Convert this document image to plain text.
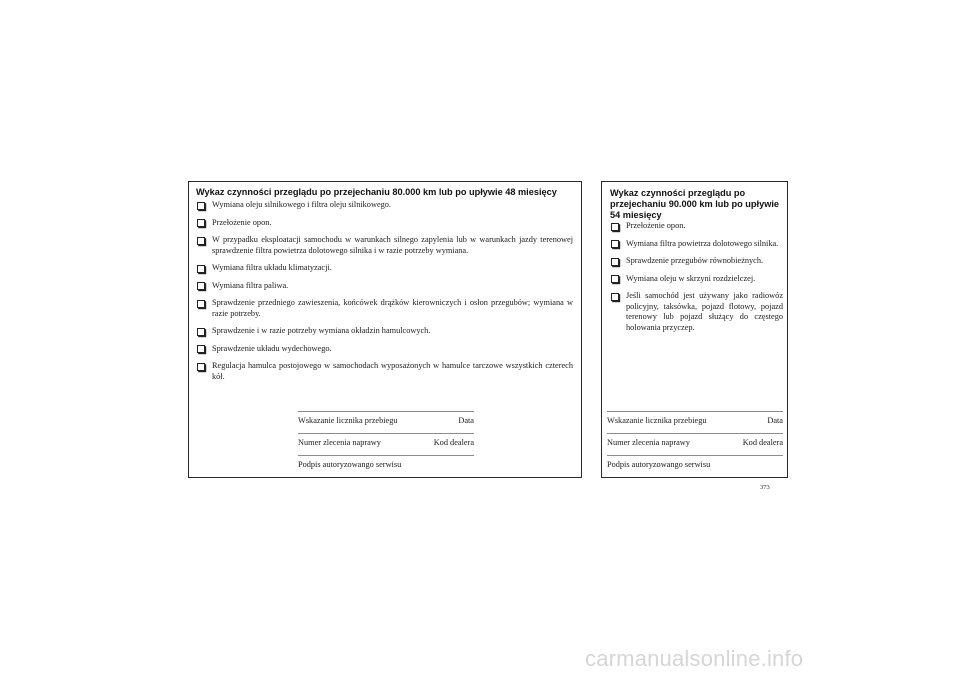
Wykaz czynności przeglądu po przejechaniu 80.000 km lub po upływie 48 miesięcy
Wymiana oleju silnikowego i filtra oleju silnikowego.
Przełożenie opon.
W przypadku eksploatacji samochodu w warunkach silnego zapylenia lub w warunkach jazdy terenowej sprawdzenie filtra powietrza dolotowego silnika i w razie potrzeby wymiana.
Wymiana filtra układu klimatyzacji.
Wymiana filtra paliwa.
Sprawdzenie przedniego zawieszenia, końcówek drążków kierowniczych i osłon przegubów; wymiana w razie potrzeby.
Sprawdzenie i w razie potrzeby wymiana okładzin hamulcowych.
Sprawdzenie układu wydechowego.
Regulacja hamulca postojowego w samochodach wyposażonych w hamulce tarczowe wszystkich czterech kół.
Wskazanie licznika przebiegu	Data
Numer zlecenia naprawy	Kod dealera
Podpis autoryzowango serwisu
Wykaz czynności przeglądu po przejechaniu 90.000 km lub po upływie 54 miesięcy
Przełożenie opon.
Wymiana filtra powietrza dolotowego silnika.
Sprawdzenie przegubów równobieżnych.
Wymiana oleju w skrzyni rozdzielczej.
Jeśli samochód jest używany jako radiowóz policyjny, taksówka, pojazd flotowy, pojazd terenowy lub pojazd służący do częstego holowania przyczep.
Wskazanie licznika przebiegu	Data
Numer zlecenia naprawy	Kod dealera
Podpis autoryzowango serwisu
373
carmanualsonline.info
